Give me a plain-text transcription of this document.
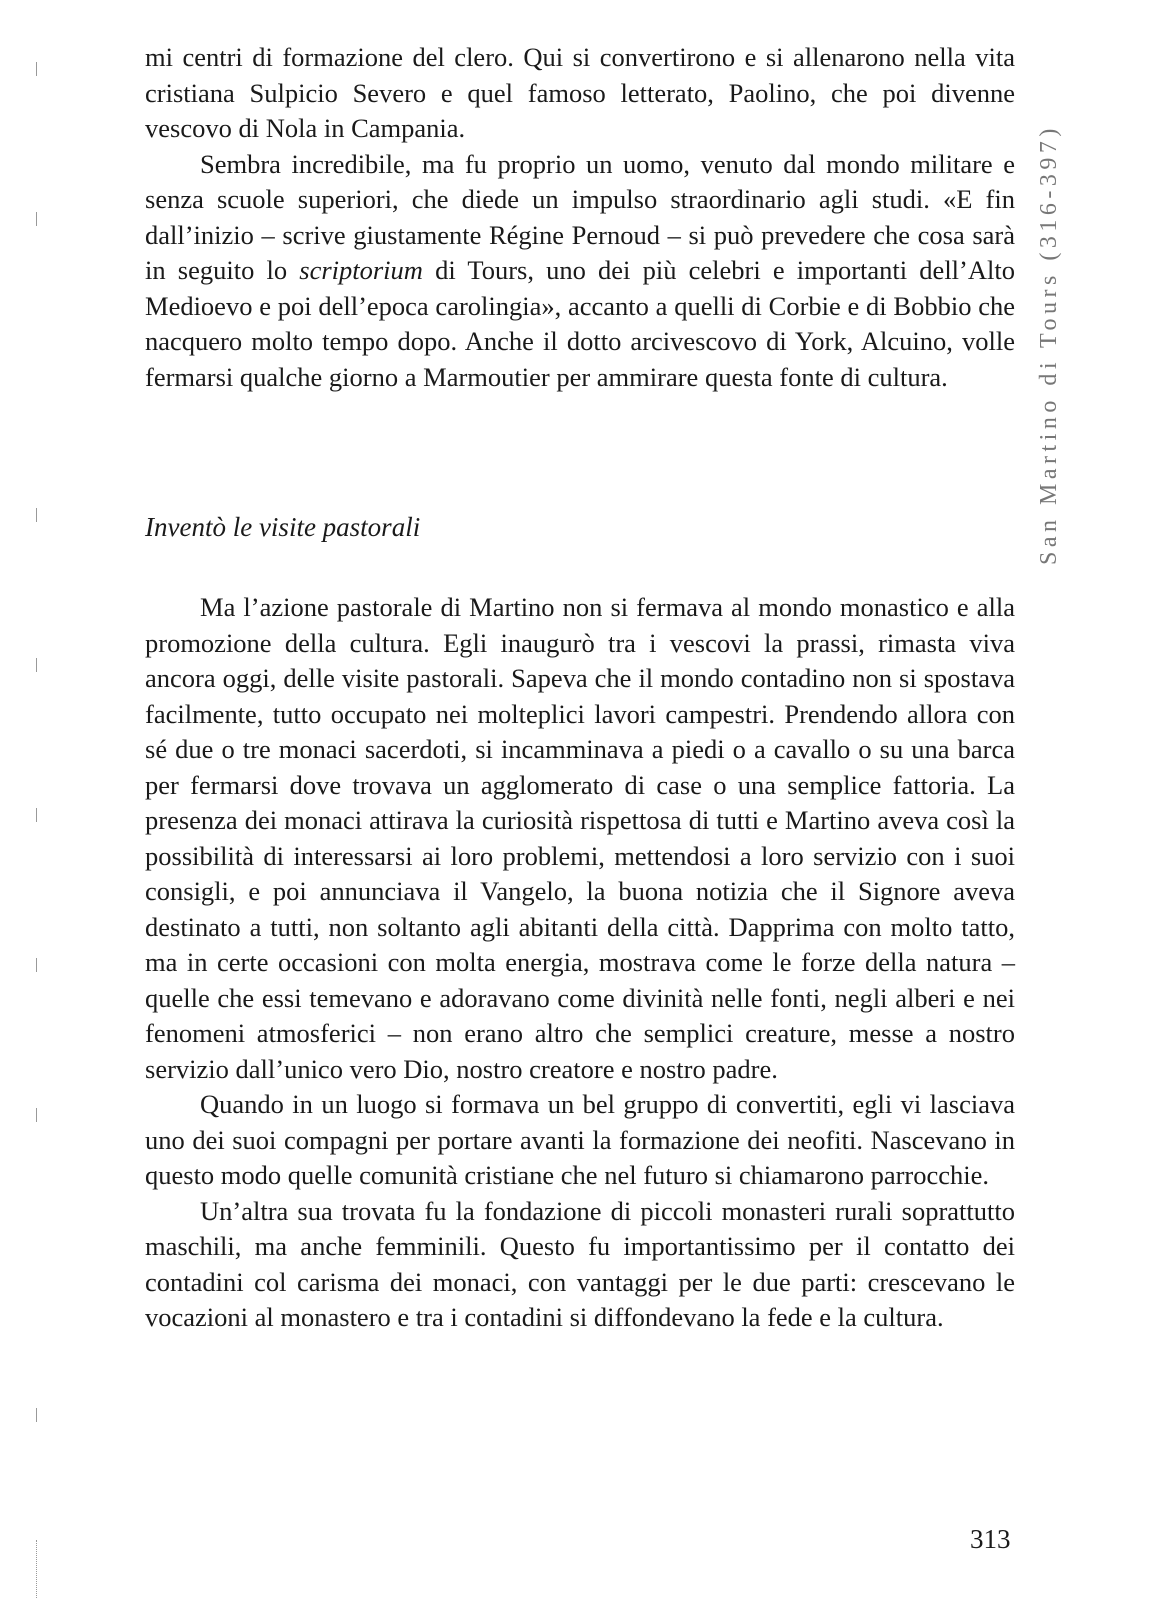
mi centri di formazione del clero. Qui si convertirono e si allenarono nella vita cristiana Sulpicio Severo e quel famoso letterato, Paolino, che poi divenne vescovo di Nola in Campania.

Sembra incredibile, ma fu proprio un uomo, venuto dal mondo militare e senza scuole superiori, che diede un impulso straordinario agli studi. «E fin dall’inizio – scrive giustamente Régine Pernoud – si può prevedere che cosa sarà in seguito lo scriptorium di Tours, uno dei più celebri e importanti dell’Alto Medioevo e poi dell’epoca carolingia», accanto a quelli di Corbie e di Bobbio che nacquero molto tempo dopo. Anche il dotto arcivescovo di York, Alcuino, volle fermarsi qualche giorno a Marmoutier per ammirare questa fonte di cultura.

Inventò le visite pastorali

Ma l’azione pastorale di Martino non si fermava al mondo monastico e alla promozione della cultura. Egli inaugurò tra i vescovi la prassi, rimasta viva ancora oggi, delle visite pastorali. Sapeva che il mondo contadino non si spostava facilmente, tutto occupato nei molteplici lavori campestri. Prendendo allora con sé due o tre monaci sacerdoti, si incamminava a piedi o a cavallo o su una barca per fermarsi dove trovava un agglomerato di case o una semplice fattoria. La presenza dei monaci attirava la curiosità rispettosa di tutti e Martino aveva così la possibilità di interessarsi ai loro problemi, mettendosi a loro servizio con i suoi consigli, e poi annunciava il Vangelo, la buona notizia che il Signore aveva destinato a tutti, non soltanto agli abitanti della città. Dapprima con molto tatto, ma in certe occasioni con molta energia, mostrava come le forze della natura – quelle che essi temevano e adoravano come divinità nelle fonti, negli alberi e nei fenomeni atmosferici – non erano altro che semplici creature, messe a nostro servizio dall’unico vero Dio, nostro creatore e nostro padre.

Quando in un luogo si formava un bel gruppo di convertiti, egli vi lasciava uno dei suoi compagni per portare avanti la formazione dei neofiti. Nascevano in questo modo quelle comunità cristiane che nel futuro si chiamarono parrocchie.

Un’altra sua trovata fu la fondazione di piccoli monasteri rurali soprattutto maschili, ma anche femminili. Questo fu importantissimo per il contatto dei contadini col carisma dei monaci, con vantaggi per le due parti: crescevano le vocazioni al monastero e tra i contadini si diffondevano la fede e la cultura.

San Martino di Tours (316-397)
313
